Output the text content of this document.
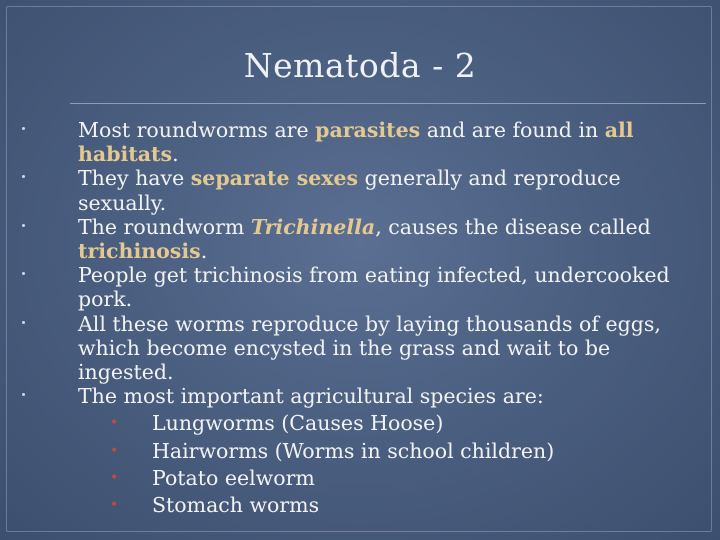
Nematoda - 2
Most roundworms are parasites and are found in all habitats.
They have separate sexes generally and reproduce sexually.
The roundworm Trichinella, causes the disease called trichinosis.
People get trichinosis from eating infected, undercooked pork.
All these worms reproduce by laying thousands of eggs, which become encysted in the grass and wait to be ingested.
The most important agricultural species are:
• Lungworms (Causes Hoose)
• Hairworms (Worms in school children)
• Potato eelworm
• Stomach worms
